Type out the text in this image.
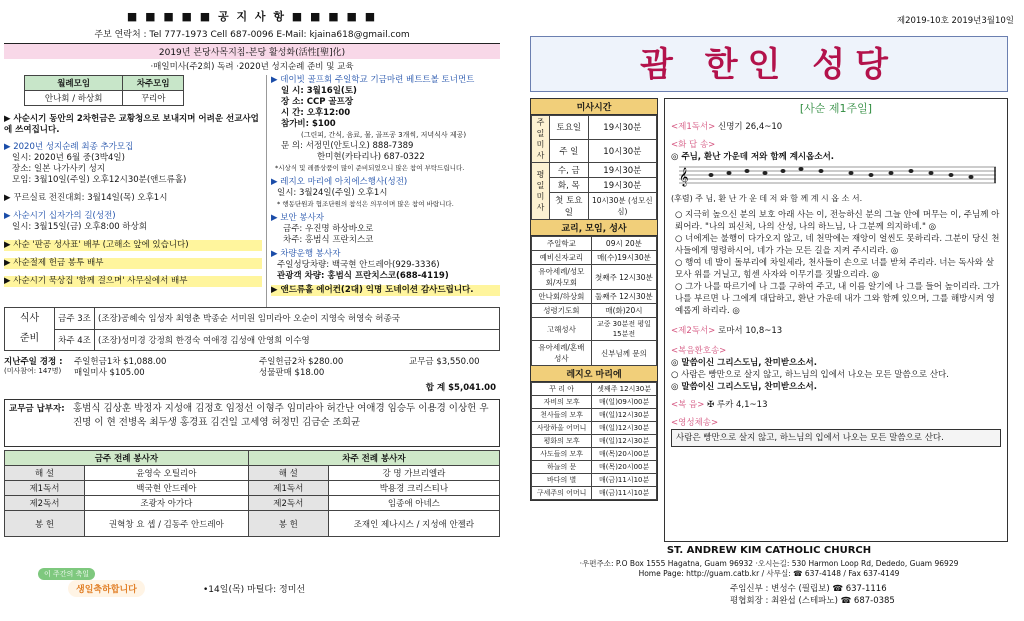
■ ■ ■ ■ ■ 공 지 사 항 ■ ■ ■ ■ ■
주보 연락처 : Tel 777-1973 Cell 687-0096 E-Mail: kjaina618@gmail.com
2019년 본당사목지침-본당 활성화(活性[聖]化)
·매일미사(주2회) 독려 ·2020년 성지순례 준비 및 교육
월례모임	차주모임
안나회 / 하상회	꾸리아
▶ 사순시기 동안의 2차헌금은 교황청으로 보내지며 어려운 선교사업에 쓰여집니다.
▶ 2020년 성지순례 최종 추가모집
일시: 2020년 6월 중(3박4일)
장소: 일본 나가사키 성지
모임: 3월10일(주일) 오후12시30분(앤드류홀)
▶ 꾸르실료 전진대회: 3월14일(목) 오후1시
▶ 사순시기 십자가의 길(성전)
일시: 3월15일(금) 오후8:00 하상회
▶ 사순 '판공 성사표' 배부 (고해소 앞에 있습니다)
▶ 사순절제 헌금 봉투 배부
▶ 사순시기 묵상집 '함께 걸으며' 사무실에서 배부
▶ 데이빗 골프회 주일학교 기금마련 베트트볼 토너먼트
일 시: 3월16일(토)
장 소: CCP 골프장
시 간: 오후12:00
참가비: $100
(그린피, 간식, 음료, 물, 골프공 3개씩, 저녁식사 제공)
문 의: 서정민(안토니오) 888-7389
한미현(카타리나) 687-0322
*시상식 및 레플상품이 많이 준비되었으니 많은 참여 부탁드립니다.
▶ 레지오 마리에 아치에스행사(성전)
일시: 3월24일(주일) 오후1시
* 행동단원과 협조단원의 참석은 의무이며 많은 참여 바랍니다.
▶ 보안 봉사자
금주: 우진명 하상바오로
차주: 홍범식 프란치스코
▶ 차량운행 봉사자
주일성당차량: 백국현 안드레아(929-3336)
관광객 차량: 홍범식 프란치스코(688-4119)
▶ 앤드류홀 에어컨(2대) 익명 도네이션 감사드립니다.
식사
준비	금주 3조	(조장)공혜숙 임성자 최영춘 박종순 서미원 임미라아 오순이 지영숙 허영숙 허종국
	차주 4조	(조장)성미경 강정희 한경숙 여애경 김성애 안영희 이수영
지난주일 경정 :
(미사참여: 147명)
주일헌금1차 $1,088.00	주일헌금2차 $280.00	교무금 $3,550.00
매일미사 $105.00	성물판매 $18.00
합 계 $5,041.00
교무금 납부자: 홍범식 김상훈 박정자 지성애 김정호 임정선 이형주 임미라아 허간난 여애경 임승두 이용경 이상헌 우진명 이 현 전병옥 최두생 홍경표 김건일 고세영 허정민 김금순 조희균
금주 전례 봉사자		차주 전례 봉사자	
해 설	윤영숙 오틸리아	해 설	강 명 가브리엘라
제1독서	백국현 안드레아	제1독서	박용경 크리스티나
제2독서	조광자 아가다	제2독서	임종애 아네스
봉 헌	권혁창 요 셉 / 김동주 안드레아	봉 헌	조재인 제나시스 / 지성애 안젤라
이 주간의 축일
생일축하합니다	•14일(목) 마틸다: 정미선
제2019-10호 2019년3월10일
괌 한인 성당
미사시간
주일미사	토요일	19시30분
	주 일	10시30분
평일미사	수, 금	19시30분
	화, 목	19시30분
	첫 토요일	10시30분 (성모신심)
교리, 모임, 성사
주일학교	09시 20분
예비신자교리	매(수)19시30분
유아세례/성모회/자모회	첫째주 12시30분
안나회/하상회	둘째주 12시30분
성령기도회	매(화)20시
고해성사	교중 30분전 평일 15분전
유아세례/혼배성사	신부님께 문의
레지오 마리에
꾸 리 아	셋째주 12시30분
자비의 모후	매(일)09시00분
천사들의 모후	매(일)12시30분
사랑하올 어머니	매(일)12시30분
평화의 모후	매(일)12시30분
사도들의 모후	매(목)20시00분
하늘의 문	매(목)20시00분
바다의 별	매(금)11시10분
구세주의 어머니	매(금)11시10분
[사순 제1주일]
<제1독서> 신명기 26,4~10
<화 답 송>
◎ 주님, 환난 가운데 저와 함께 계시옵소서.
𝄞
(후렴) 주 님, 환 난 가 운 데 저 와 함 께 계 시 옵 소 서.
○ 지극히 높으신 분의 보호 아래 사는 이, 전능하신 분의 그늘 안에 머무는 이, 주님께 아뢰어라. "나의 피신처, 나의 산성, 나의 하느님, 나 그분께 의지하네." ◎
○ 너에게는 불행이 다가오지 않고, 네 천막에는 재앙이 얼씬도 못하리라. 그분이 당신 천사들에게 명령하시어, 네가 가는 모든 길을 지켜 주시리라. ◎
○ 행여 네 발이 돌부리에 차일세라, 천사들이 손으로 너를 받쳐 주리라. 너는 독사와 살모사 위를 거닐고, 힘센 사자와 이무기를 짓밟으리라. ◎
○ 그가 나를 따르기에 나 그를 구하여 주고, 내 이름 알기에 나 그를 들어 높이리라. 그가 나를 부르면 나 그에게 대답하고, 환난 가운데 내가 그와 함께 있으며, 그를 해방시켜 영예롭게 하리라. ◎
<제2독서> 로마서 10,8~13
<복음환호송>
◎ 말씀이신 그리스도님, 찬미받으소서.
○ 사람은 빵만으로 살지 않고, 하느님의 입에서 나오는 모든 말씀으로 산다.
◎ 말씀이신 그리스도님, 찬미받으소서.
<복 음> ✠ 루카 4,1~13
<영성체송>
사람은 빵만으로 살지 않고, 하느님의 입에서 나오는 모든 말씀으로 산다.
ST. ANDREW KIM CATHOLIC CHURCH
·우편주소: P.O Box 1555 Hagatna, Guam 96932 ·오시는길: 530 Harmon Loop Rd, Dededo, Guam 96929
Home Page: http://guam.catb.kr / 사무실: ☎ 637-4148 / Fax 637-4149
주임신부 : 변성수 (필립보) ☎ 637-1116
평협회장 : 최완섭 (스테파노) ☎ 687-0385
